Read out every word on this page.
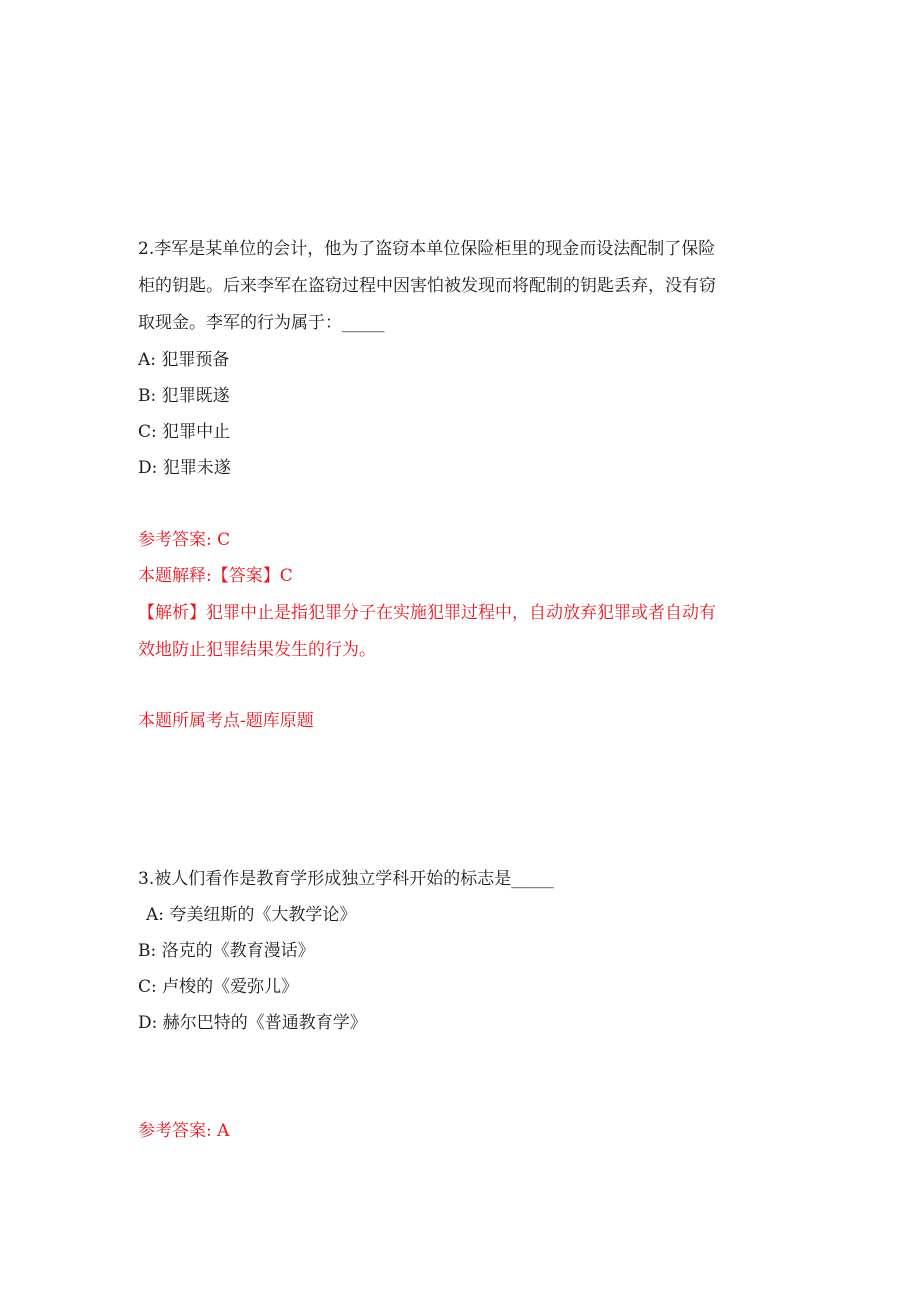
2.李军是某单位的会计，他为了盗窃本单位保险柜里的现金而设法配制了保险
柜的钥匙。后来李军在盗窃过程中因害怕被发现而将配制的钥匙丢弃，没有窃
取现金。李军的行为属于：_____
A: 犯罪预备
B: 犯罪既遂
C: 犯罪中止
D: 犯罪未遂
参考答案: C
本题解释:【答案】C
【解析】犯罪中止是指犯罪分子在实施犯罪过程中，自动放弃犯罪或者自动有
效地防止犯罪结果发生的行为。
本题所属考点-题库原题
3.被人们看作是教育学形成独立学科开始的标志是_____
A: 夸美纽斯的《大教学论》
B: 洛克的《教育漫话》
C: 卢梭的《爱弥儿》
D: 赫尔巴特的《普通教育学》
参考答案: A
